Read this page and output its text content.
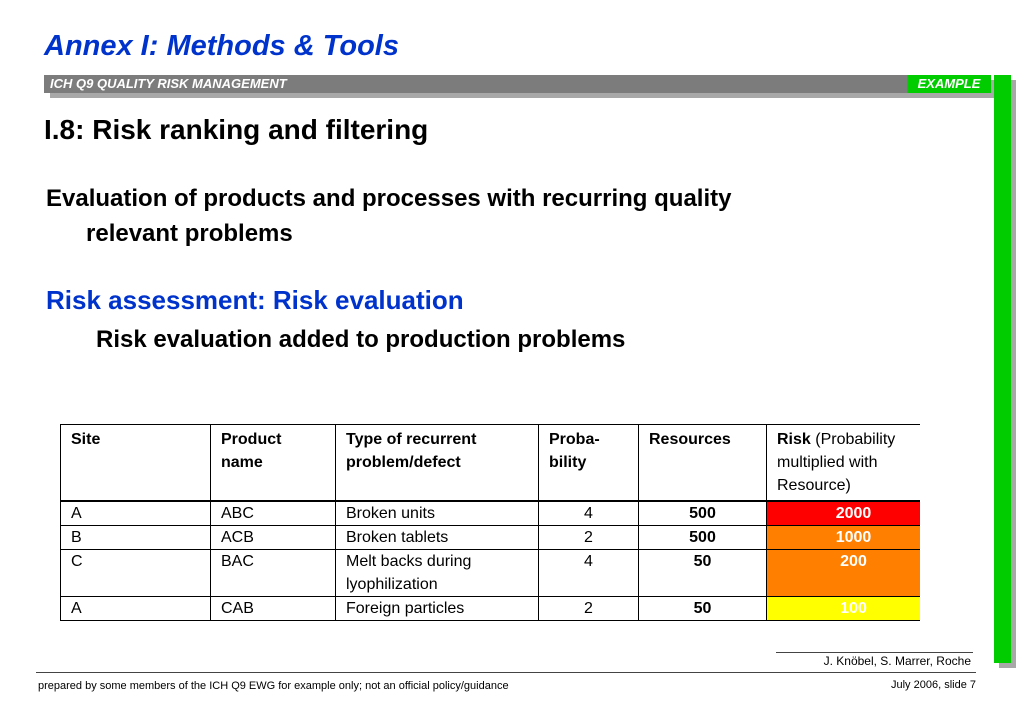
Annex I: Methods & Tools
ICH Q9 QUALITY RISK MANAGEMENT	EXAMPLE
I.8: Risk ranking and filtering
Evaluation of products and processes with recurring quality
relevant problems
Risk assessment: Risk evaluation
Risk evaluation added to production problems
Site	Product name	Type of recurrent problem/defect	Proba-bility	Resources	Risk (Probability multiplied with Resource)
A	ABC	Broken units	4	500	2000
B	ACB	Broken tablets	2	500	1000
C	BAC	Melt backs during lyophilization	4	50	200
A	CAB	Foreign particles	2	50	100
J. Knöbel, S. Marrer, Roche
prepared by some members of the ICH Q9 EWG for example only; not an official policy/guidance	July 2006, slide 7
